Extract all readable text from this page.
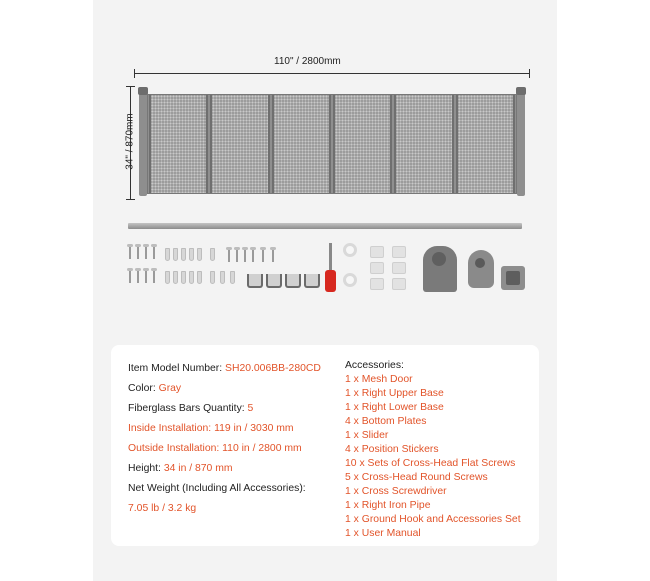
110" / 2800mm
34" / 870mm
Item Model Number: SH20.006BB-280CD
Color: Gray
Fiberglass Bars Quantity: 5
Inside Installation: 119 in / 3030 mm
Outside Installation: 110 in / 2800 mm
Height: 34 in / 870 mm
Net Weight (Including All Accessories):
7.05 lb / 3.2 kg
Accessories:
1 x Mesh Door
1 x Right Upper Base
1 x Right Lower Base
4 x Bottom Plates
1 x Slider
4 x Position Stickers
10 x Sets of Cross-Head Flat Screws
5 x Cross-Head Round Screws
1 x Cross Screwdriver
1 x Right Iron Pipe
1 x Ground Hook and Accessories Set
1 x User Manual
